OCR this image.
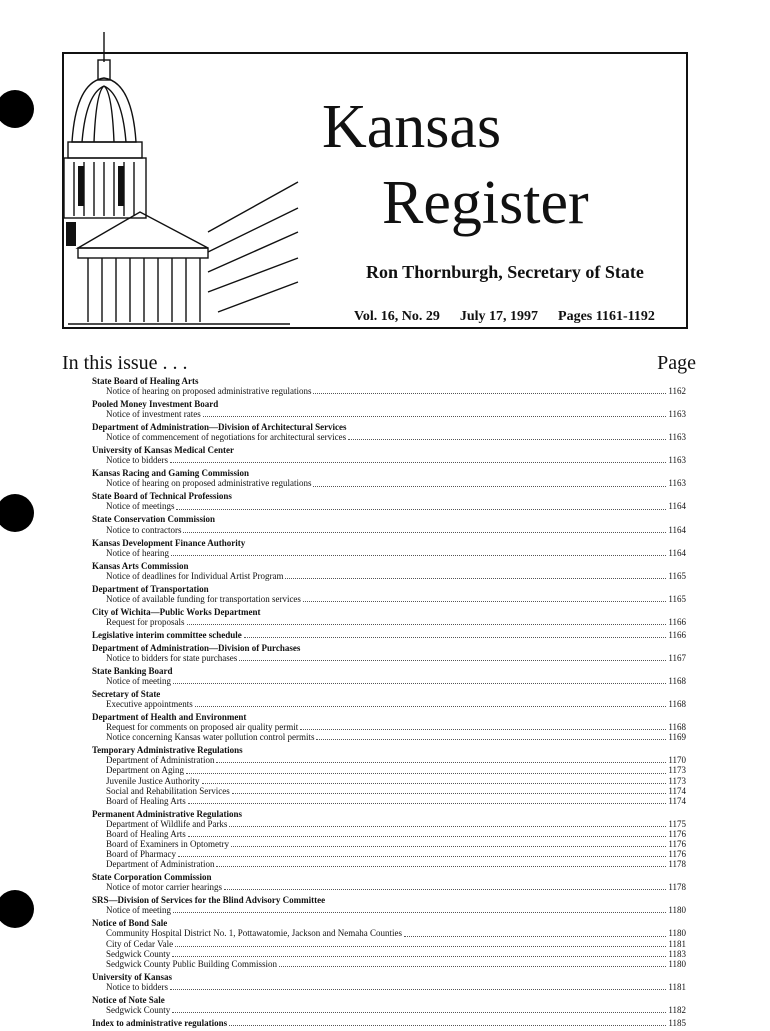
Kansas
Register
Ron Thornburgh, Secretary of State
Vol. 16, No. 29 July 17, 1997 Pages 1161-1192
In this issue . . .	Page
State Board of Healing Arts
Notice of hearing on proposed administrative regulations	1162
Pooled Money Investment Board
Notice of investment rates	1163
Department of Administration—Division of Architectural Services
Notice of commencement of negotiations for architectural services	1163
University of Kansas Medical Center
Notice to bidders	1163
Kansas Racing and Gaming Commission
Notice of hearing on proposed administrative regulations	1163
State Board of Technical Professions
Notice of meetings	1164
State Conservation Commission
Notice to contractors	1164
Kansas Development Finance Authority
Notice of hearing	1164
Kansas Arts Commission
Notice of deadlines for Individual Artist Program	1165
Department of Transportation
Notice of available funding for transportation services	1165
City of Wichita—Public Works Department
Request for proposals	1166
Legislative interim committee schedule	1166
Department of Administration—Division of Purchases
Notice to bidders for state purchases	1167
State Banking Board
Notice of meeting	1168
Secretary of State
Executive appointments	1168
Department of Health and Environment
Request for comments on proposed air quality permit	1168
Notice concerning Kansas water pollution control permits	1169
Temporary Administrative Regulations
Department of Administration	1170
Department on Aging	1173
Juvenile Justice Authority	1173
Social and Rehabilitation Services	1174
Board of Healing Arts	1174
Permanent Administrative Regulations
Department of Wildlife and Parks	1175
Board of Healing Arts	1176
Board of Examiners in Optometry	1176
Board of Pharmacy	1176
Department of Administration	1178
State Corporation Commission
Notice of motor carrier hearings	1178
SRS—Division of Services for the Blind Advisory Committee
Notice of meeting	1180
Notice of Bond Sale
Community Hospital District No. 1, Pottawatomie, Jackson and Nemaha Counties	1180
City of Cedar Vale	1181
Sedgwick County	1183
Sedgwick County Public Building Commission	1180
University of Kansas
Notice to bidders	1181
Notice of Note Sale
Sedgwick County	1182
Index to administrative regulations	1185
